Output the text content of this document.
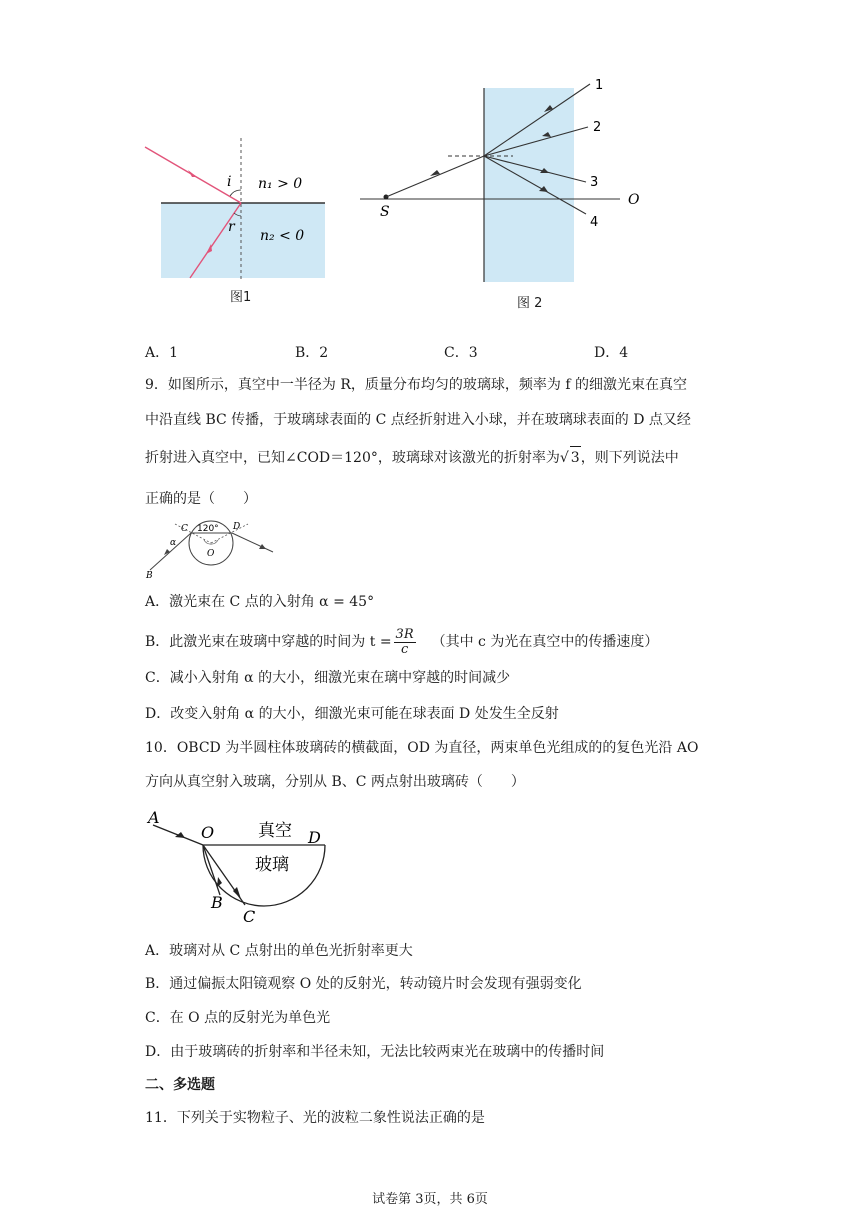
i
r
n₁ > 0
n₂ < 0
图1
1
2
3
4
S
O
图 2
A．1	B．2	C．3	D．4
9．如图所示，真空中一半径为 R，质量分布均匀的玻璃球，频率为 f 的细激光束在真空
中沿直线 BC 传播，于玻璃球表面的 C 点经折射进入小球，并在玻璃球表面的 D 点又经
折射进入真空中，已知∠COD＝120°，玻璃球对该激光的折射率为√ 3，则下列说法中
正确的是（　　）
C 120° D
α
O
B
A．激光束在 C 点的入射角 α = 45°
B．此激光束在玻璃中穿越的时间为 $t = \frac{3R}{c}$
  （其中 c 为光在真空中的传播速度）
C．减小入射角 α 的大小，细激光束在璃中穿越的时间减少
D．改变入射角 α 的大小，细激光束可能在球表面 D 处发生全反射
10．OBCD 为半圆柱体玻璃砖的横截面，OD 为直径，两束单色光组成的的复色光沿 AO
方向从真空射入玻璃，分别从 B、C 两点射出玻璃砖（　　）
A
O	真空 D
玻璃
B
C
A．玻璃对从 C 点射出的单色光折射率更大
B．通过偏振太阳镜观察 O 处的反射光，转动镜片时会发现有强弱变化
C．在 O 点的反射光为单色光
D．由于玻璃砖的折射率和半径未知，无法比较两束光在玻璃中的传播时间
二、多选题
11．下列关于实物粒子、光的波粒二象性说法正确的是
试卷第 3页，共 6页
